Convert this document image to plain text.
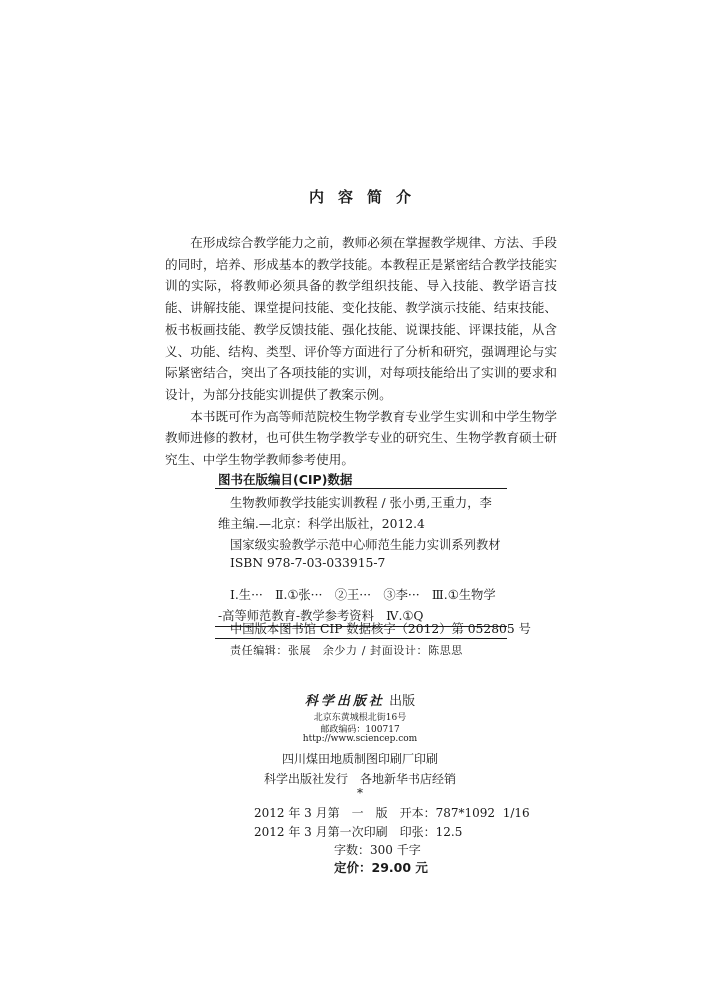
内容简介

在形成综合教学能力之前，教师必须在掌握教学规律、方法、手段的同时，培养、形成基本的教学技能。本教程正是紧密结合教学技能实训的实际，将教师必须具备的教学组织技能、导入技能、教学语言技能、讲解技能、课堂提问技能、变化技能、教学演示技能、结束技能、板书板画技能、教学反馈技能、强化技能、说课技能、评课技能，从含义、功能、结构、类型、评价等方面进行了分析和研究，强调理论与实际紧密结合，突出了各项技能的实训，对每项技能给出了实训的要求和设计，为部分技能实训提供了教案示例。

本书既可作为高等师范院校生物学教育专业学生实训和中学生物学教师进修的教材，也可供生物学教学专业的研究生、生物学教育硕士研究生、中学生物学教师参考使用。

图书在版编目(CIP)数据
生物教师教学技能实训教程 / 张小勇,王重力，李
维主编.—北京：科学出版社，2012.4
国家级实验教学示范中心师范生能力实训系列教材
ISBN 978-7-03-033915-7
Ⅰ.生···　Ⅱ.①张···　②王···　③李···　Ⅲ.①生物学
-高等师范教育-教学参考资料　Ⅳ.①Q
中国版本图书馆 CIP 数据核字（2012）第 052805 号
责任编辑：张展　余少力 / 封面设计：陈思思
科学出版社 出版
北京东黄城根北街16号
邮政编码：100717
http://www.sciencep.com
四川煤田地质制图印刷厂印刷
科学出版社发行　各地新华书店经销
*
2012 年 3 月第　一　版　开本：787*1092  1/16
2012 年 3 月第一次印刷　印张：12.5
字数：300 千字
定价：29.00 元
